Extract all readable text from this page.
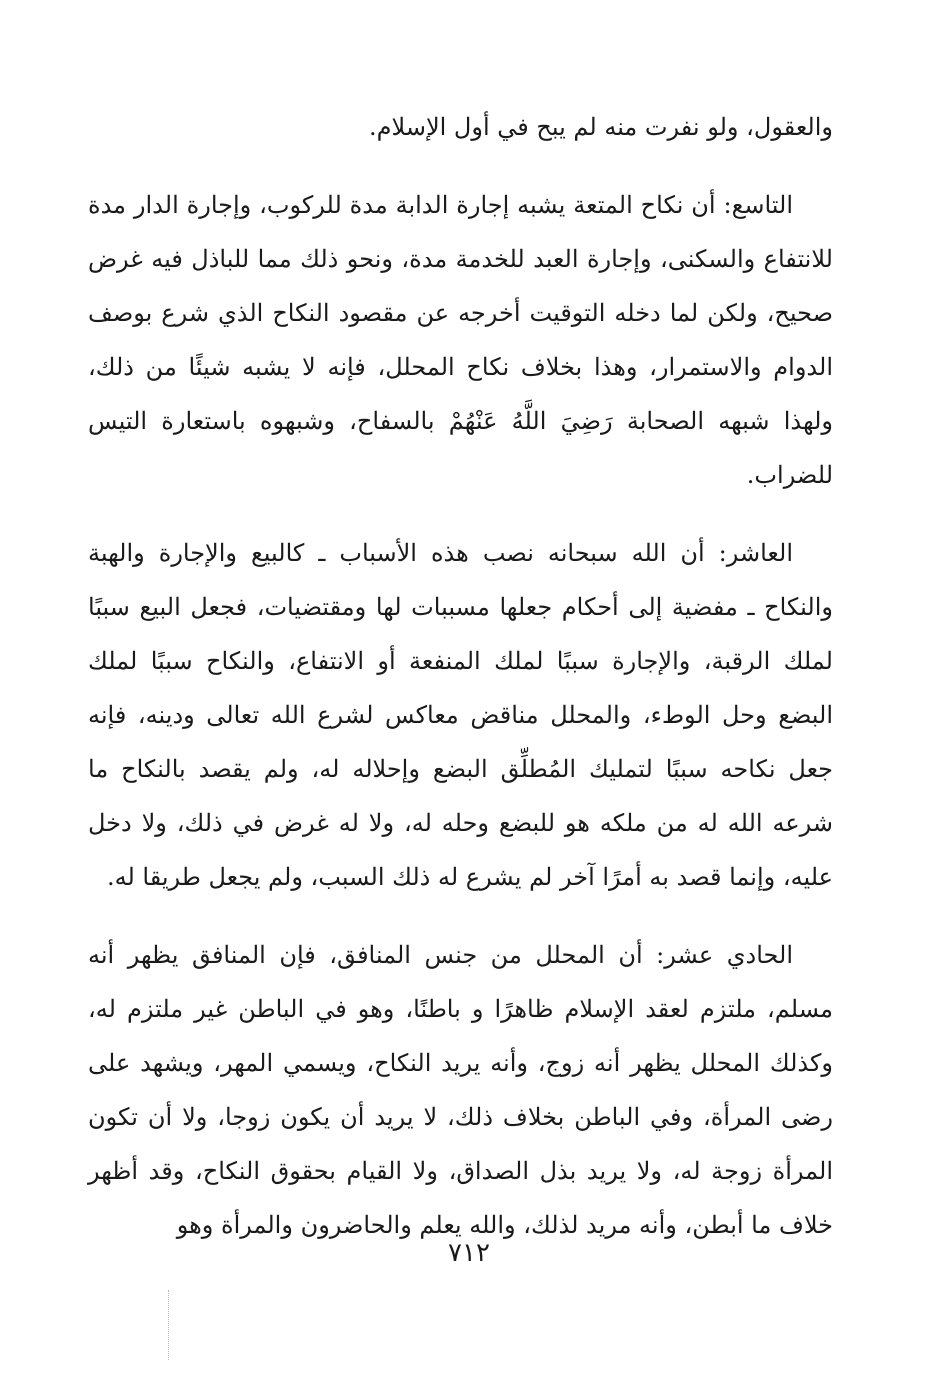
والعقول، ولو نفرت منه لم يبح في أول الإسلام.

التاسع: أن نكاح المتعة يشبه إجارة الدابة مدة للركوب، وإجارة الدار مدة للانتفاع والسكنى، وإجارة العبد للخدمة مدة، ونحو ذلك مما للباذل فيه غرض صحيح، ولكن لما دخله التوقيت أخرجه عن مقصود النكاح الذي شرع بوصف الدوام والاستمرار، وهذا بخلاف نكاح المحلل، فإنه لا يشبه شيئًا من ذلك، ولهذا شبهه الصحابة رَضِيَ اللَّهُ عَنْهُمْ بالسفاح، وشبهوه باستعارة التيس للضراب.

العاشر: أن الله سبحانه نصب هذه الأسباب ـ كالبيع والإجارة والهبة والنكاح ـ مفضية إلى أحكام جعلها مسببات لها ومقتضيات، فجعل البيع سببًا لملك الرقبة، والإجارة سببًا لملك المنفعة أو الانتفاع، والنكاح سببًا لملك البضع وحل الوطء، والمحلل مناقض معاكس لشرع الله تعالى ودينه، فإنه جعل نكاحه سببًا لتمليك المُطلِّق البضع وإحلاله له، ولم يقصد بالنكاح ما شرعه الله له من ملكه هو للبضع وحله له، ولا له غرض في ذلك، ولا دخل عليه، وإنما قصد به أمرًا آخر لم يشرع له ذلك السبب، ولم يجعل طريقا له.

الحادي عشر: أن المحلل من جنس المنافق، فإن المنافق يظهر أنه مسلم، ملتزم لعقد الإسلام ظاهرًا و باطنًا، وهو في الباطن غير ملتزم له، وكذلك المحلل يظهر أنه زوج، وأنه يريد النكاح، ويسمي المهر، ويشهد على رضى المرأة، وفي الباطن بخلاف ذلك، لا يريد أن يكون زوجا، ولا أن تكون المرأة زوجة له، ولا يريد بذل الصداق، ولا القيام بحقوق النكاح، وقد أظهر خلاف ما أبطن، وأنه مريد لذلك، والله يعلم والحاضرون والمرأة وهو

٧١٢
